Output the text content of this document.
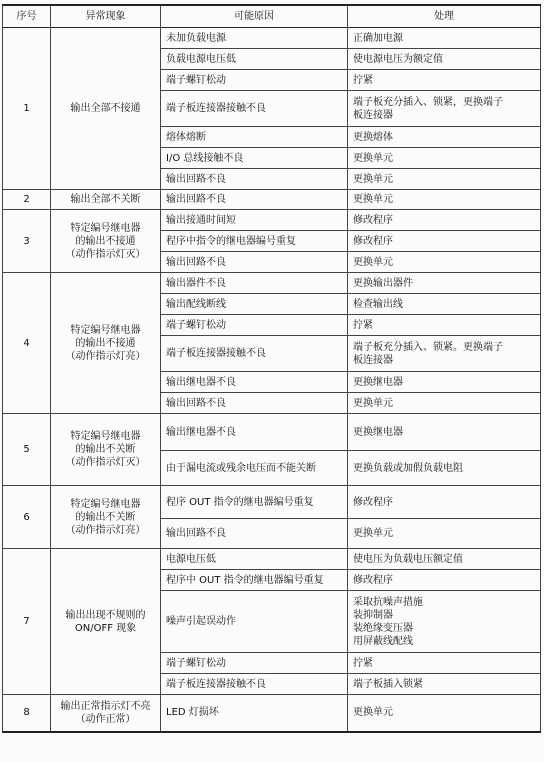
序号	异常现象	可能原因	处理
1	输出全部不接通	未加负载电源	正确加电源

		负载电源电压低	使电源电压为额定值

		端子螺钉松动	拧紧

		端子板连接器接触不良	端子板充分插入、锁紧，更换端子
板连接器

		熔体熔断	更换熔体

		I/O 总线接触不良	更换单元

		输出回路不良	更换单元

2	输出全部不关断	输出回路不良	更换单元

3	特定编号继电器
的输出不接通
（动作指示灯灭）	输出接通时间短	修改程序

		程序中指令的继电器编号重复	修改程序

		输出回路不良	更换单元

4	特定编号继电器
的输出不接通
（动作指示灯亮）	输出器件不良	更换输出器件

		输出配线断线	检查输出线

		端子螺钉松动	拧紧

		端子板连接器接触不良	端子板充分插入、锁紧。更换端子
板连接器

		输出继电器不良	更换继电器

		输出回路不良	更换单元

5	特定编号继电器
的输出不关断
（动作指示灯灭）	输出继电器不良	更换继电器

		由于漏电流或残余电压而不能关断	更换负载或加假负载电阻

6	特定编号继电器
的输出不关断
（动作指示灯亮）	程序 OUT 指令的继电器编号重复	修改程序

		输出回路不良	更换单元

7	输出出现不规则的
ON/OFF 现象	电源电压低	使电压为负载电压额定值

		程序中 OUT 指令的继电器编号重复	修改程序

		噪声引起误动作	采取抗噪声措施
装抑制器
装绝缘变压器
用屏蔽线配线

		端子螺钉松动	拧紧

		端子板连接器接触不良	端子板插入锁紧

8	输出正常指示灯不亮
（动作正常）	LED 灯损坏	更换单元
